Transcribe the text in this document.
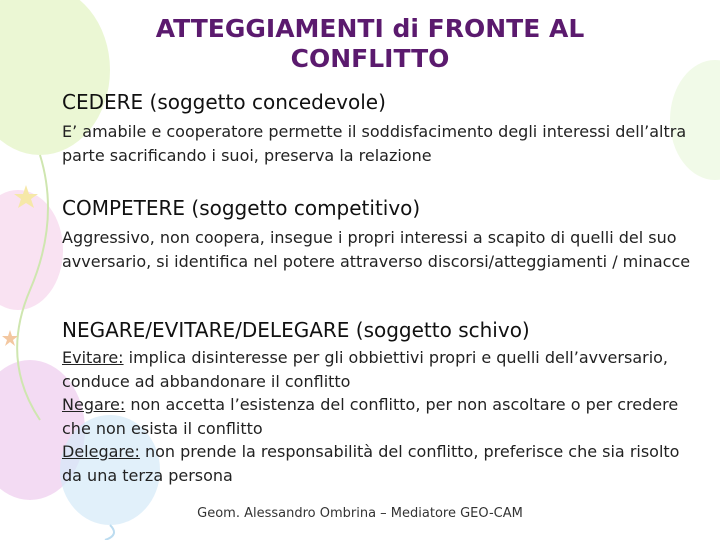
ATTEGGIAMENTI di FRONTE AL
CONFLITTO

CEDERE (soggetto concedevole)

E’ amabile e cooperatore permette il soddisfacimento degli interessi dell’altra parte sacrificando i suoi, preserva la relazione

COMPETERE (soggetto competitivo)

Aggressivo, non coopera, insegue i propri interessi a scapito di quelli del suo avversario, si identifica nel potere attraverso discorsi/atteggiamenti / minacce

NEGARE/EVITARE/DELEGARE (soggetto schivo)

Evitare: implica disinteresse per gli obbiettivi propri e quelli dell’avversario, conduce ad abbandonare il conflitto
Negare: non accetta l’esistenza del conflitto, per non ascoltare o per credere che non esista il conflitto
Delegare: non prende la responsabilità del conflitto, preferisce che sia risolto da una terza persona

Geom. Alessandro Ombrina – Mediatore GEO-CAM
